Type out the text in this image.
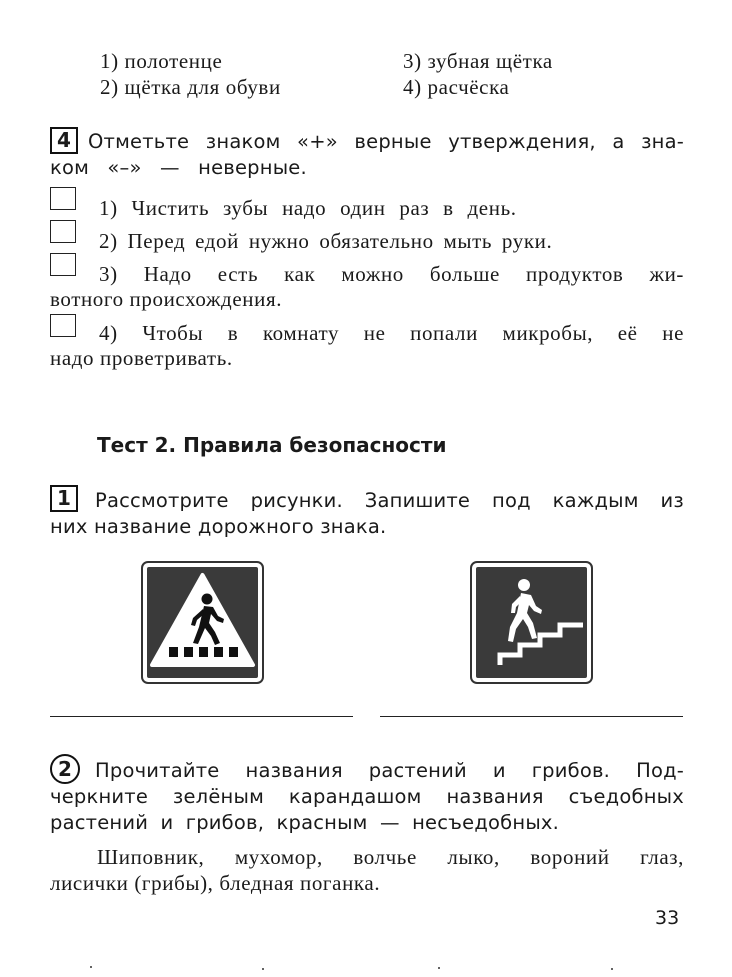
1) полотенце
2) щётка для обуви
3) зубная щётка
4) расчёска
4 Отметьте знаком «+» верные утверждения, а зна-
ком «–» — неверные.
1) Чистить зубы надо один раз в день.
2) Перед едой нужно обязательно мыть руки.
3) Надо есть как можно больше продуктов жи-
вотного происхождения.
4) Чтобы в комнату не попали микробы, её не
надо проветривать.
Тест 2. Правила безопасности
1	Рассмотрите рисунки. Запишите под каждым из
них название дорожного знака.
2	Прочитайте названия растений и грибов. Под-
черкните зелёным карандашом названия съедобных
растений и грибов, красным — несъедобных.
Шиповник, мухомор, волчье лыко, вороний глаз,
лисички (грибы), бледная поганка.
33
